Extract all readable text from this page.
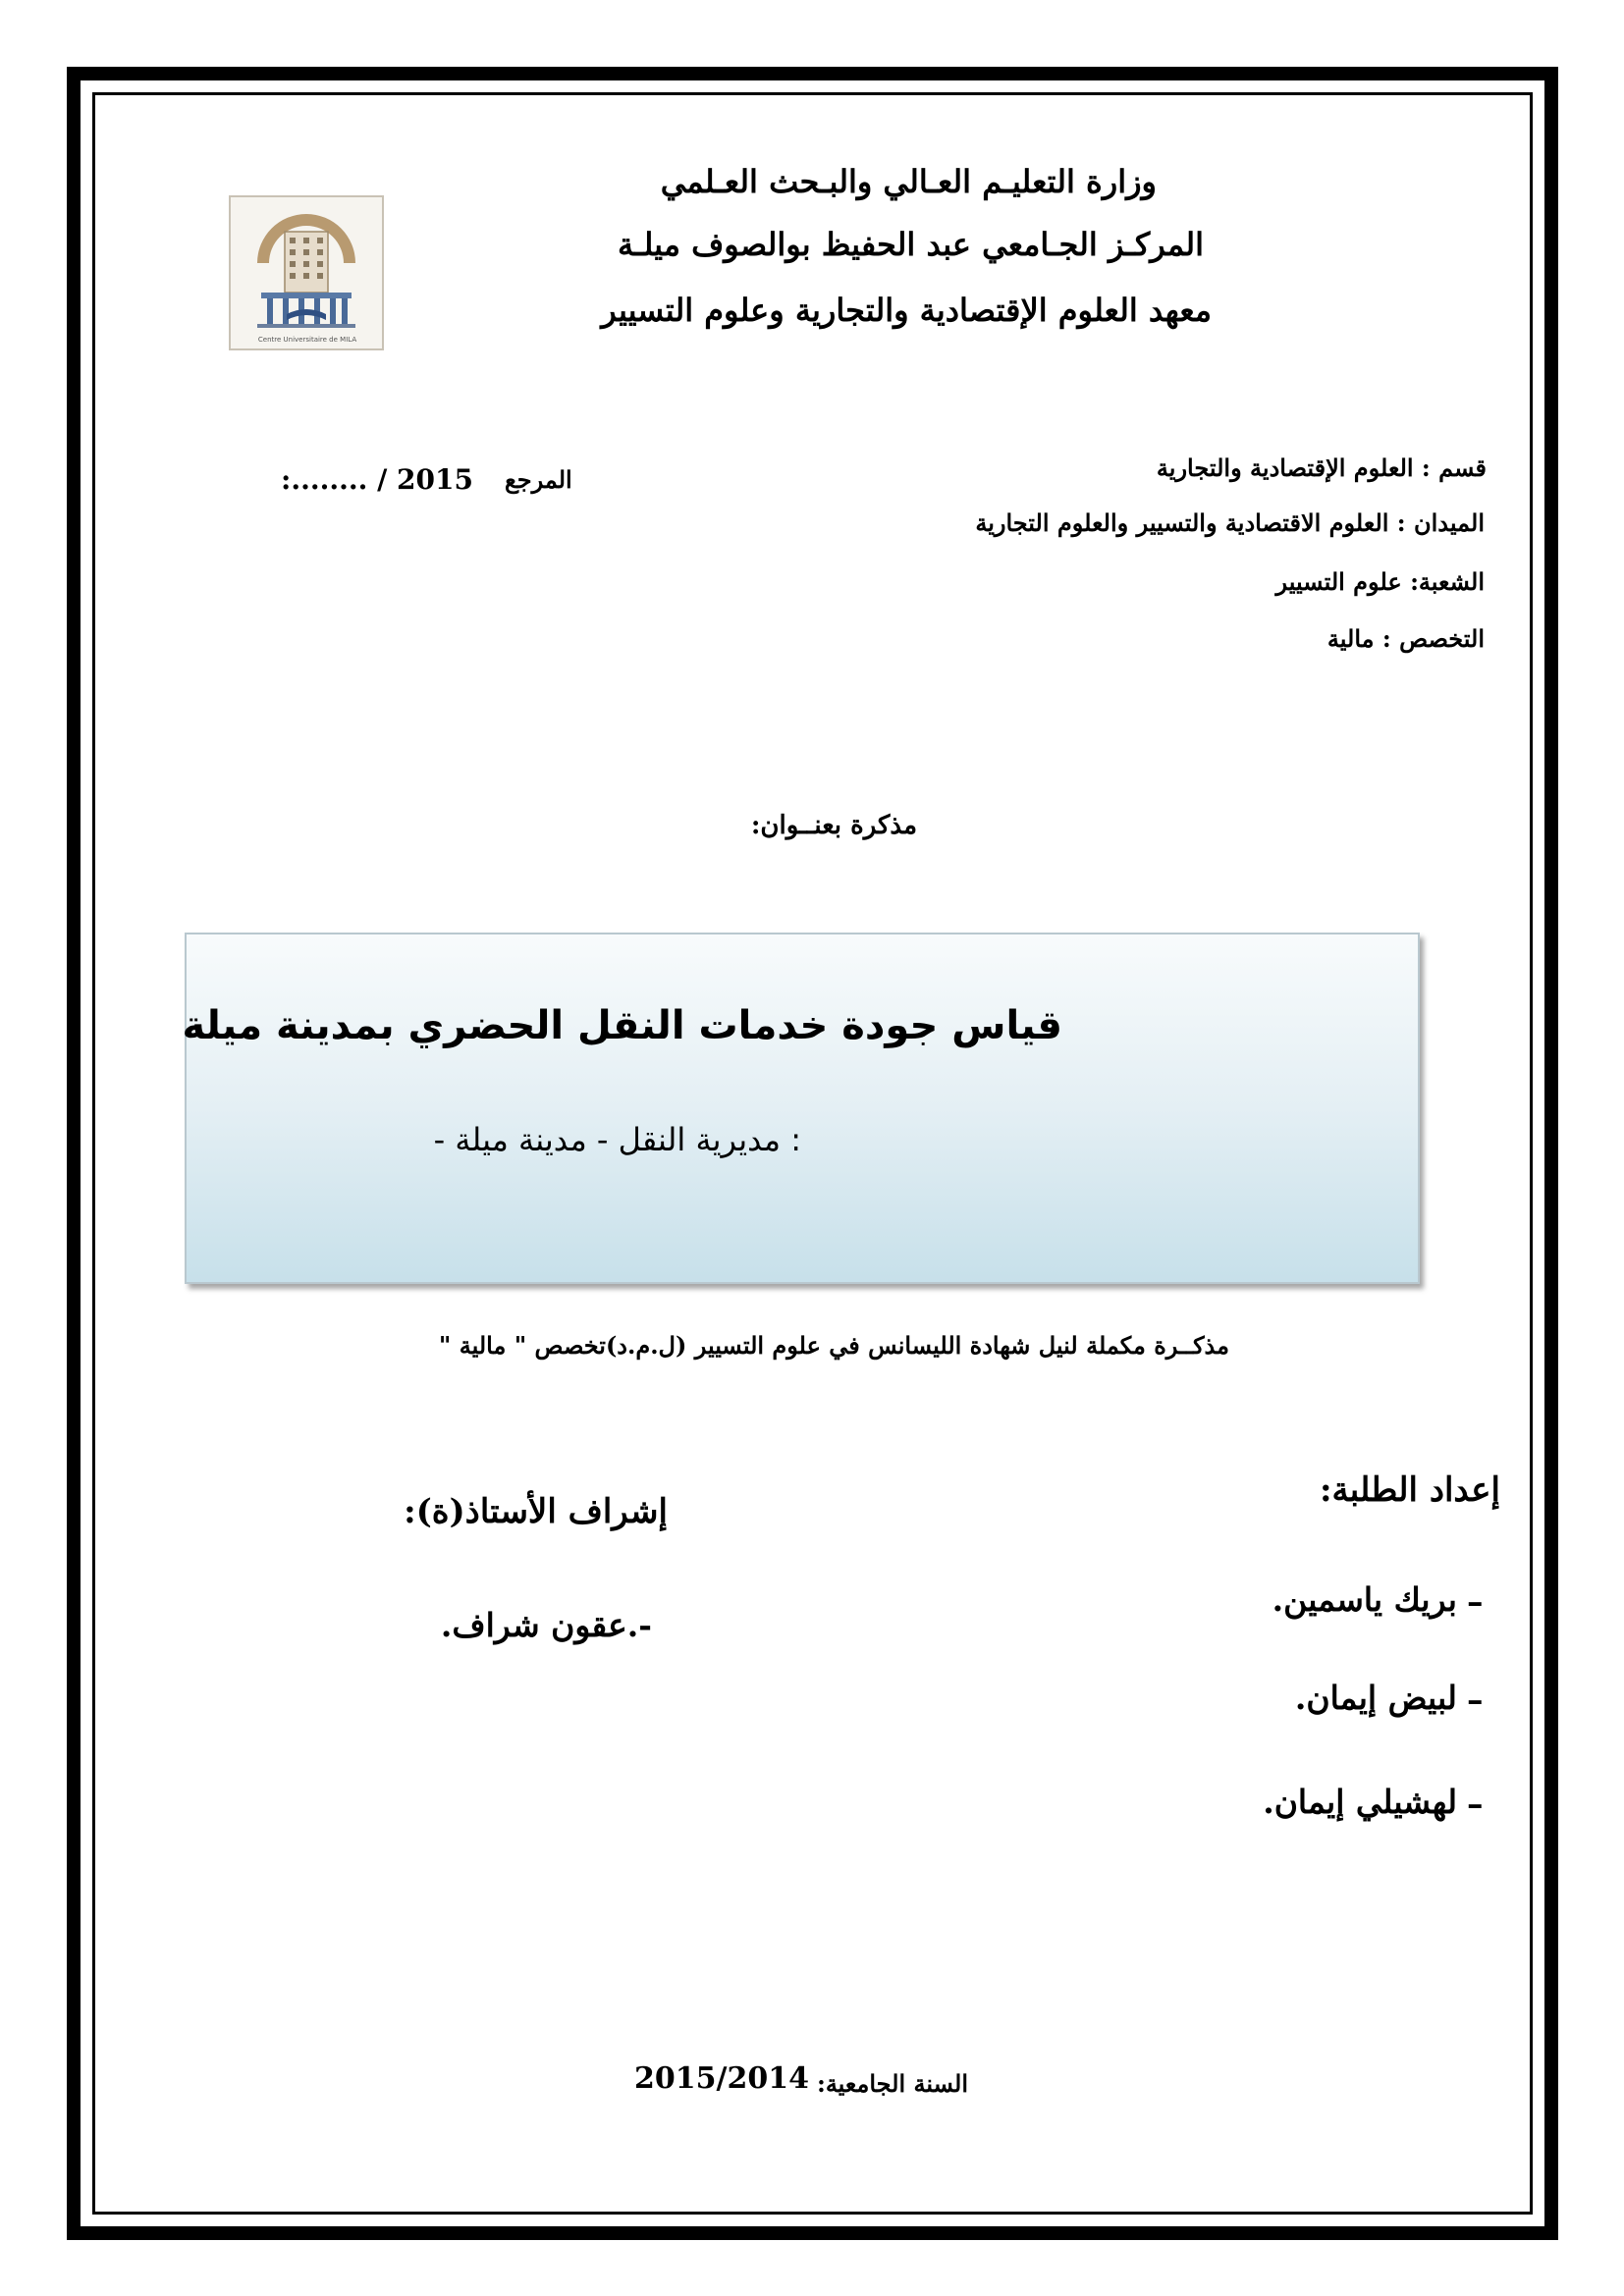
Centre Universitaire de MILA
وزارة التعليـم العـالي والبـحث العـلمي
المركـز الجـامعي عبد الحفيظ بوالصوف ميلـة
معهد العلوم الإقتصادية والتجارية وعلوم التسيير
المرجع
:........ / 2015	قسم : العلوم الإقتصادية والتجارية
الميدان : العلوم الاقتصادية والتسيير والعلوم التجارية
الشعبة: علوم التسيير
التخصص : مالية
مذكرة بعنــوان:
قياس جودة خدمات النقل الحضري بمدينة ميلة
: مديرية النقل - مدينة ميلة -
مذكــرة مكملة لنيل شهادة الليسانس في علوم التسيير (ل.م.د)تخصص " مالية "
إعداد الطلبة:
–
بريك ياسمين.
–
لبيض إيمان.
–
لهشيلي إيمان.
إشراف الأستاذ(ة):
-.عقون شراف.
السنة الجامعية:
2015/2014
